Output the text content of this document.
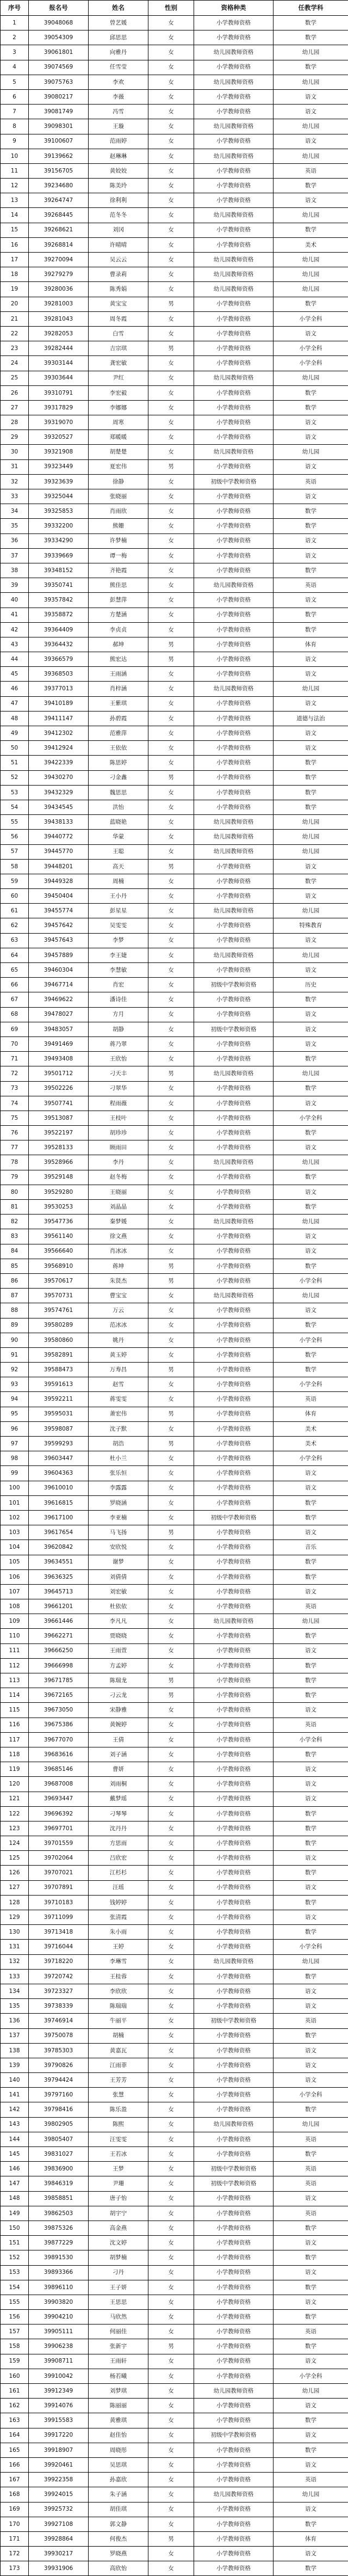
序号	报名号	姓名	性别	资格种类	任教学科
1	39048068	曾艺媛	女	小学教师资格	数学
2	39054309	邱思思	女	小学教师资格	数学
3	39061801	向雅丹	女	幼儿园教师资格	幼儿园
4	39074569	任雪莹	女	小学教师资格	数学
5	39075763	李欢	女	幼儿园教师资格	幼儿园
6	39080217	李薇	女	小学教师资格	语文
7	39081749	冯雪	女	小学教师资格	语文
8	39098301	王璇	女	幼儿园教师资格	幼儿园
9	39100607	范雨婷	女	小学教师资格	语文
10	39139662	赵琳琳	女	幼儿园教师资格	幼儿园
11	39156705	黄姣姣	女	小学教师资格	英语
12	39234680	陈美玲	女	小学教师资格	数学
13	39264747	徐利利	女	小学教师资格	语文
14	39268445	范冬冬	女	幼儿园教师资格	幼儿园
15	39268621	刘冈	女	小学教师资格	数学
16	39268814	许晴晴	女	小学教师资格	美术
17	39270094	吴云云	女	幼儿园教师资格	幼儿园
18	39279279	曹录莉	女	幼儿园教师资格	幼儿园
19	39280036	陈秀娟	女	幼儿园教师资格	幼儿园
20	39281003	黄宝宝	男	小学教师资格	数学
21	39281043	周冬霞	女	小学教师资格	小学全科
22	39282053	白雪	女	小学教师资格	语文
23	39282444	吉宗琪	男	小学教师资格	小学全科
24	39303144	龚宏敏	女	小学教师资格	小学全科
25	39303644	尹红	女	幼儿园教师资格	幼儿园
26	39310791	李宏毅	女	小学教师资格	数学
27	39317829	李娜娜	女	小学教师资格	数学
28	39319070	周寒	女	小学教师资格	语文
29	39320527	郑暖暖	女	小学教师资格	语文
30	39321908	胡楚楚	女	幼儿园教师资格	幼儿园
31	39323449	夏宏伟	男	小学教师资格	语文
32	39323639	徐静	女	初级中学教师资格	英语
33	39325044	张晓丽	女	小学教师资格	语文
34	39325853	肖雨欣	女	小学教师资格	数学
35	39332200	熊姗	女	小学教师资格	数学
36	39334290	许梦楠	女	小学教师资格	语文
37	39339669	谭一梅	女	小学教师资格	语文
38	39348152	齐艳霞	女	小学教师资格	数学
39	39350741	熊佳思	女	幼儿园教师资格	英语
40	39357842	彭慧萍	女	小学教师资格	语文
41	39358872	方楚涵	女	小学教师资格	数学
42	39364409	李贞贞	女	小学教师资格	数学
43	39364432	郝坤	男	小学教师资格	体育
44	39366579	熊宏达	男	小学教师资格	语文
45	39368503	王雨涵	女	小学教师资格	语文
46	39377013	肖梓涵	女	幼儿园教师资格	幼儿园
47	39410189	王紫琪	女	小学教师资格	语文
48	39411147	孙碧霞	女	小学教师资格	道德与法治
49	39412302	范雅萍	女	小学教师资格	语文
50	39412924	王依依	女	小学教师资格	语文
51	39422339	陈思婷	女	小学教师资格	数学
52	39430270	刁金鑫	男	小学教师资格	数学
53	39432329	魏思思	女	小学教师资格	数学
54	39434545	洪怡	女	小学教师资格	数学
55	39438133	蓝晓艳	女	幼儿园教师资格	幼儿园
56	39440772	华蒙	女	幼儿园教师资格	幼儿园
57	39445770	王聪	女	幼儿园教师资格	幼儿园
58	39448201	高天	男	小学教师资格	语文
59	39449328	周楠	女	小学教师资格	数学
60	39450404	王小丹	女	小学教师资格	语文
61	39455774	彭星星	女	幼儿园教师资格	幼儿园
62	39457642	吴雯雯	女	小学教师资格	特殊教育
63	39457643	李梦	女	小学教师资格	语文
64	39457889	李王婕	女	幼儿园教师资格	幼儿园
65	39460304	李慧敏	女	小学教师资格	语文
66	39467714	肖宏	女	初级中学教师资格	历史
67	39469622	潘诗佳	女	小学教师资格	数学
68	39478027	方月	女	小学教师资格	语文
69	39483057	胡静	女	初级中学教师资格	语文
70	39491469	蒋乃翠	女	小学教师资格	语文
71	39493408	王欣怡	女	小学教师资格	数学
72	39501712	刁天丰	男	幼儿园教师资格	幼儿园
73	39502226	刁翠华	女	小学教师资格	数学
74	39507741	程雨薇	女	小学教师资格	语文
75	39513087	王枝叶	女	小学教师资格	小学全科
76	39522197	胡珍珍	女	小学教师资格	数学
77	39528133	顾雨田	女	小学教师资格	语文
78	39528966	李丹	女	幼儿园教师资格	幼儿园
79	39529148	赵冬梅	女	小学教师资格	数学
80	39529280	王晓丽	女	小学教师资格	语文
81	39530253	刘晶晶	女	小学教师资格	数学
82	39547736	秦梦媛	女	幼儿园教师资格	幼儿园
83	39561140	徐文燕	女	小学教师资格	语文
84	39566640	肖冰冰	女	小学教师资格	语文
85	39568910	蒋坤	男	小学教师资格	数学
86	39570617	朱贤杰	男	小学教师资格	小学全科
87	39570731	曹宝宝	女	幼儿园教师资格	幼儿园
88	39574761	万云	女	小学教师资格	语文
89	39580289	范冰冰	女	小学教师资格	数学
90	39580860	姚丹	女	小学教师资格	小学全科
91	39582891	黄玉婷	女	小学教师资格	数学
92	39588473	万寿昌	男	小学教师资格	数学
93	39591613	赵雪	女	小学教师资格	小学全科
94	39592211	蒋雯雯	女	小学教师资格	英语
95	39595031	萧宏伟	男	小学教师资格	体育
96	39598087	沈子默	女	小学教师资格	美术
97	39599293	胡浩	男	小学教师资格	美术
98	39603447	杜小兰	女	小学教师资格	小学全科
99	39604363	张乐恒	女	小学教师资格	语文
100	39610010	李露露	女	小学教师资格	语文
101	39616815	罗晓涵	女	小学教师资格	数学
102	39617100	李亚楠	女	初级中学教师资格	数学
103	39617654	马飞扬	男	小学教师资格	语文
104	39620842	安欣悦	女	小学教师资格	音乐
105	39634551	谢梦	女	小学教师资格	数学
106	39636325	刘倩倩	女	小学教师资格	数学
107	39645713	刘宏敏	女	小学教师资格	语文
108	39661201	杜依依	女	小学教师资格	英语
109	39661446	李凡凡	女	幼儿园教师资格	幼儿园
110	39662271	贾晓晓	女	小学教师资格	数学
111	39666250	王雨萱	女	小学教师资格	语文
112	39666998	方孟婷	女	小学教师资格	数学
113	39671785	陈瑞龙	男	小学教师资格	数学
114	39672165	刁云龙	男	小学教师资格	数学
115	39673050	宋静雅	女	小学教师资格	语文
116	39675386	黄婉婷	女	小学教师资格	英语
117	39677070	王倩	女	小学教师资格	小学全科
118	39683616	刘子涵	女	小学教师资格	数学
119	39685146	曹妍	女	小学教师资格	语文
120	39687008	刘雨桐	女	小学教师资格	语文
121	39693447	戴梦瑶	女	小学教师资格	语文
122	39696392	刁琴琴	女	小学教师资格	数学
123	39697701	沈丹丹	女	小学教师资格	数学
124	39701559	方思雨	女	小学教师资格	数学
125	39702064	吕欣宏	女	小学教师资格	语文
126	39707021	江杉杉	女	小学教师资格	数学
127	39707891	汪瑶	女	小学教师资格	语文
128	39710183	钱婷婷	女	小学教师资格	数学
129	39711099	张清霞	女	小学教师资格	语文
130	39713418	朱小雨	女	小学教师资格	数学
131	39716044	王婷	女	小学教师资格	小学全科
132	39718220	李琳雪	女	幼儿园教师资格	幼儿园
133	39720742	王桂蓉	女	小学教师资格	数学
134	39723327	李欣欣	女	小学教师资格	语文
135	39738339	陈瑞瑞	女	小学教师资格	语文
136	39746914	牛丽平	女	初级中学教师资格	英语
137	39750078	胡楠	女	小学教师资格	数学
138	39785303	黄嘉瓦	女	小学教师资格	语文
139	39790826	江雨菲	女	小学教师资格	语文
140	39794424	王芳芳	女	小学教师资格	语文
141	39797160	张慧	女	小学教师资格	小学全科
142	39798416	陈乐盈	女	小学教师资格	数学
143	39802905	陈熙	女	幼儿园教师资格	幼儿园
144	39805407	汪雯雯	女	小学教师资格	英语
145	39831027	王若冰	女	小学教师资格	数学
146	39836900	王梦	女	初级中学教师资格	英语
147	39846319	尹珊	女	初级中学教师资格	英语
148	39858851	唐子怡	女	小学教师资格	语文
149	39862503	胡宇宁	女	小学教师资格	英语
150	39875326	高金燕	女	小学教师资格	数学
151	39877229	沈文婷	女	小学教师资格	语文
152	39891530	胡梦楠	女	小学教师资格	数学
153	39893366	刁丹	女	小学教师资格	语文
154	39896110	王子妍	女	小学教师资格	数学
155	39903820	王思思	女	小学教师资格	语文
156	39904210	马欣然	女	小学教师资格	数学
157	39905111	何丽佳	女	小学教师资格	英语
158	39906238	张新宇	男	小学教师资格	数学
159	39908711	王雨轩	女	小学教师资格	语文
160	39910042	杨若曦	女	小学教师资格	小学全科
161	39912349	刘梦琪	女	幼儿园教师资格	幼儿园
162	39914076	陈丽丽	女	小学教师资格	语文
163	39915583	黄雅琪	女	小学教师资格	数学
164	39917220	赵佳怡	女	初级中学教师资格	语文
165	39918907	周晓彤	女	小学教师资格	数学
166	39920461	吴思琪	女	小学教师资格	语文
167	39922358	孙嘉欣	女	小学教师资格	英语
168	39924015	朱子涵	女	幼儿园教师资格	幼儿园
169	39925732	胡佳琪	女	小学教师资格	语文
170	39927108	郭文静	女	小学教师资格	数学
171	39928864	何俊杰	男	小学教师资格	体育
172	39930217	罗晓燕	女	小学教师资格	语文
173	39931906	高欣怡	女	小学教师资格	数学
